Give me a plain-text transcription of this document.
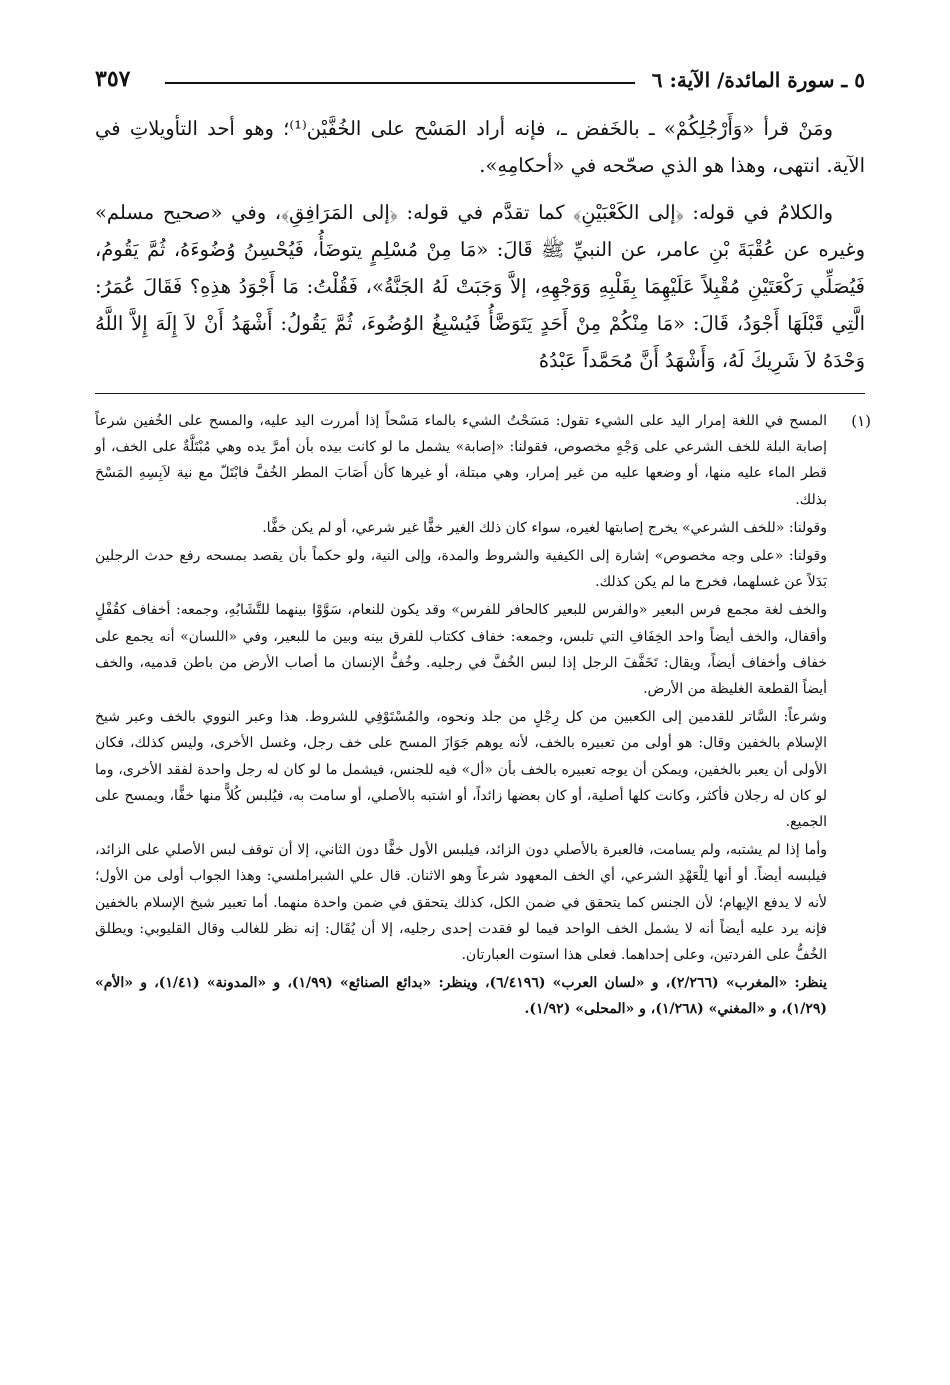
٥ ـ سورة المائدة/ الآية: ٦
٣٥٧

ومَنْ قرأ «وَأَرْجُلِكُمْ» ـ بالخَفض ـ، فإنه أراد المَسْح على الخُفَّيْن⁽¹⁾؛ وهو أحد التأويلاتِ في الآية. انتهى، وهذا هو الذي صحّحه في «أحكامِهِ».

والكلامُ في قوله: ﴿إلى الكَعْبَيْنِ﴾ كما تقدَّم في قوله: ﴿إلى المَرَافِقِ﴾، وفي «صحيح مسلم» وغيره عن عُقْبَةَ بْنِ عامر، عن النبيِّ ﷺ قَالَ: «مَا مِنْ مُسْلِمٍ يتوضَأُ، فَيُحْسِنُ وُضُوءَهُ، ثُمَّ يَقُومُ، فَيُصَلِّي رَكْعَتَيْنِ مُقْبِلاً عَلَيْهِمَا بِقَلْبِهِ وَوَجْهِهِ، إلاَّ وَجَبَتْ لَهُ الجَنَّةُ»، فَقُلْتُ: مَا أَجْوَدُ هذِهِ؟ فَقَالَ عُمَرُ: الَّتِي قَبْلَهَا أَجْوَدُ، قَالَ: «مَا مِنْكُمْ مِنْ أَحَدٍ يَتَوَضَّأُ فَيُسْبِغُ الوُضُوءَ، ثُمَّ يَقُولُ: أَشْهَدُ أَنْ لاَ إِلَهَ إِلاَّ اللَّهُ وَحْدَهُ لاَ شَرِيكَ لَهُ، وَأَشْهَدُ أَنَّ مُحَمَّداً عَبْدُهُ

(١)

المسح في اللغة إمرار اليد على الشيء تقول: مَسَحْتُ الشيء بالماء مَسْحاً إذا أمررت اليد عليه، والمسح على الخُفين شرعاً إصابة البلة للخف الشرعي على وَجْهٍ مخصوص، فقولنا: «إصابة» يشمل ما لو كانت بيده بأن أمرَّ يده وهي مُبْتَلَّةٌ على الخف، أو قطر الماء عليه منها، أو وضعها عليه من غير إمرار، وهي مبتلة، أو غيرها كأن أَصَابَ المطر الخُفَّ فابْتَلّ مع نية لاَبِسِهِ المَسْحَ بذلك.

وقولنا: «للخف الشرعي» يخرج إصابتها لغيره، سواء كان ذلك الغير خفًّا غير شرعي، أو لم يكن خفًّا.

وقولنا: «على وجه مخصوص» إشارة إلى الكيفية والشروط والمدة، وإلى النية، ولو حكماً بأن يقصد بمسحه رفع حدث الرجلين بَدَلاً عن غسلهما، فخرج ما لم يكن كذلك.

والخف لغة مجمع فرس البعير «والفرس للبعير كالحافر للفرس» وقد يكون للنعام، سَوَّوْا بينهما للتَّشَابُهِ، وجمعه: أخفاف كقُفْلٍ وأقفال، والخف أيضاً واحد الخِفَافِ التي تلبس، وجمعه: خفاف ككتاب للفرق بينه وبين ما للبعير، وفي «اللسان» أنه يجمع على خفاف وأخفاف أيضاً، ويقال: تَخَفَّفَ الرجل إذا لبس الخُفَّ في رجليه. وخُفُّ الإنسان ما أصاب الأرض من باطن قدميه، والخف أيضاً القطعة الغليظة من الأرض.

وشرعاً: السَّاتر للقدمين إلى الكعبين من كل رِجْلٍ من جلد ونحوه، والمُسْتَوْفِي للشروط. هذا وعبر النووي بالخف وعبر شيخ الإسلام بالخفين وقال: هو أولى من تعبيره بالخف، لأنه يوهم جَوَازَ المسح على خف رجل، وغسل الأخرى، وليس كذلك، فكان الأولى أن يعبر بالخفين، ويمكن أن يوجه تعبيره بالخف بأن «أل» فيه للجنس، فيشمل ما لو كان له رجل واحدة لفقد الأخرى، وما لو كان له رجلان فأكثر، وكانت كلها أصلية، أو كان بعضها زائداً، أو اشتبه بالأصلي، أو سامت به، فيُلبس كُلاًّ منها خفًّا، ويمسح على الجميع.

وأما إذا لم يشتبه، ولم يسامت، فالعبرة بالأصلي دون الزائد، فيلبس الأول خفًّا دون الثاني، إلا أن توقف لبس الأصلي على الزائد، فيلبسه أيضاً. أو أنها لِلْعَهْدِ الشرعي، أي الخف المعهود شرعاً وهو الاثنان. قال علي الشبراملسي: وهذا الجواب أولى من الأول؛ لأنه لا يدفع الإيهام؛ لأن الجنس كما يتحقق في ضمن الكل، كذلك يتحقق في ضمن واحدة منهما. أما تعبير شيخ الإسلام بالخفين فإنه يرد عليه أيضاً أنه لا يشمل الخف الواحد فيما لو فقدت إحدى رجليه، إلا أن يُقَال: إنه نظر للغالب وقال القليوبي: ويطلق الخُفُّ على الفردتين، وعلى إحداهما. فعلى هذا استوت العبارتان.

ينظر: «المغرب» (٢/٢٦٦)، و «لسان العرب» (٦/٤١٩٦)، وينظر: «بدائع الصنائع» (١/٩٩)، و «المدونة» (١/٤١)، و «الأم» (١/٢٩)، و «المغني» (١/٢٦٨)، و «المحلى» (١/٩٢).
